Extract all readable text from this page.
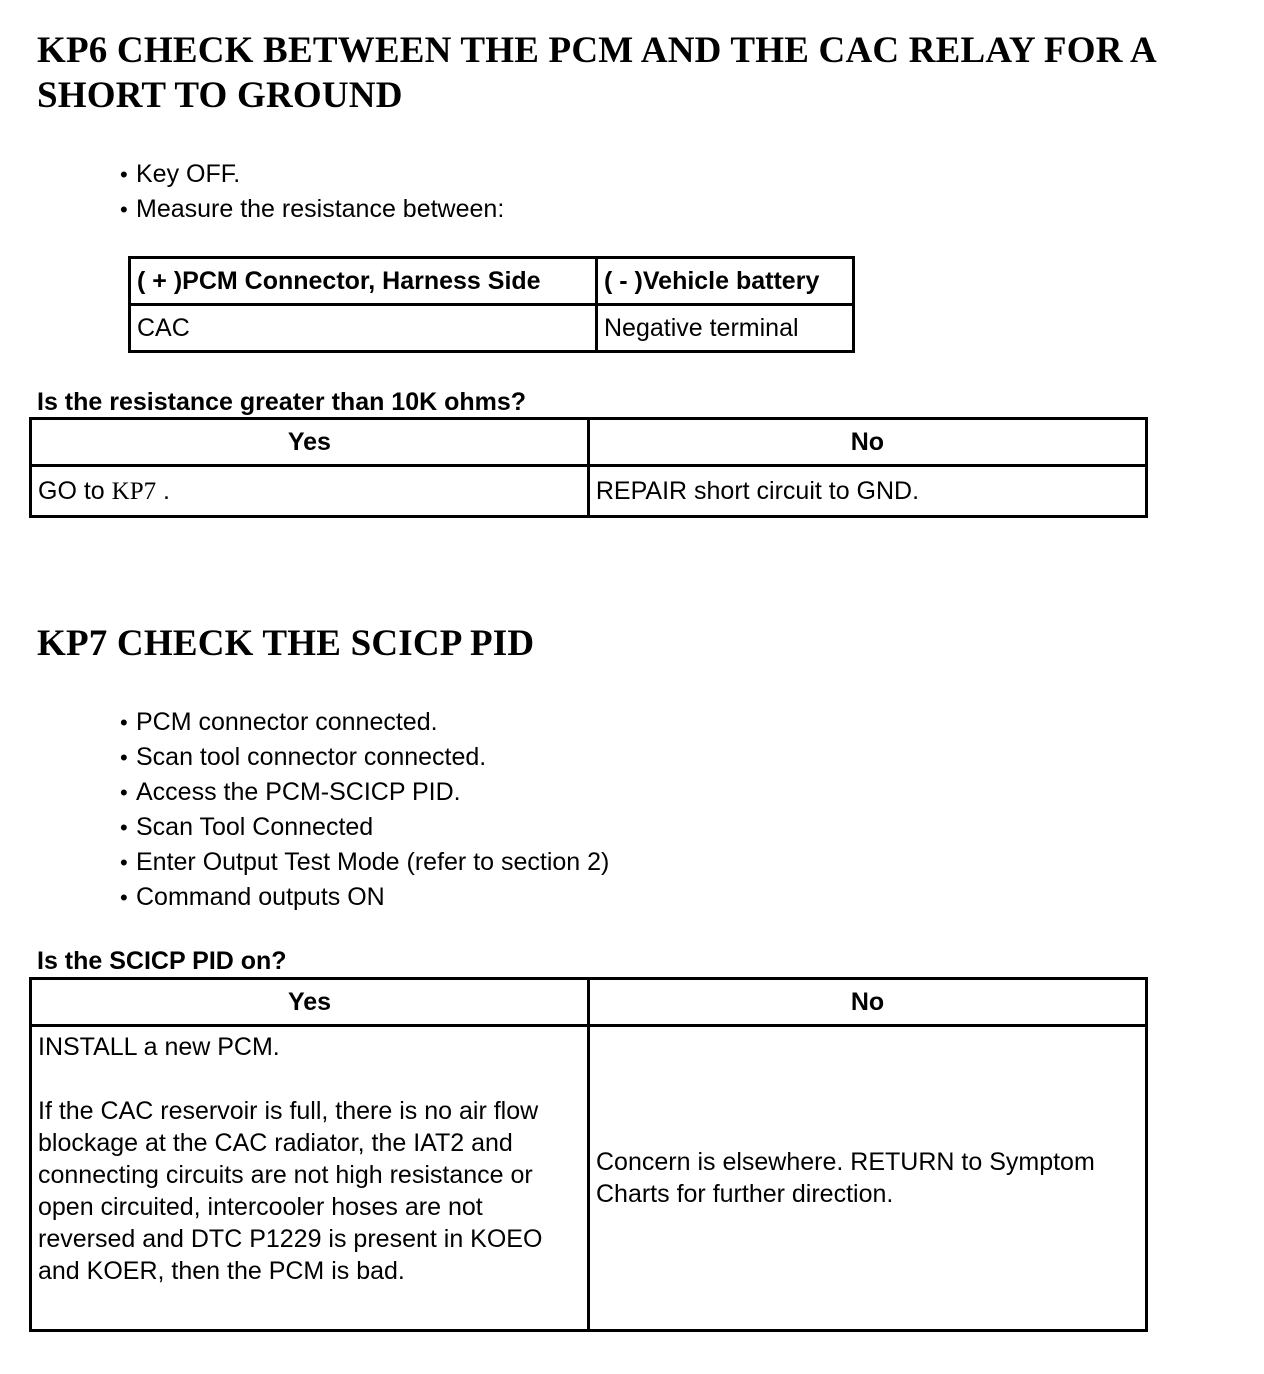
KP6 CHECK BETWEEN THE PCM AND THE CAC RELAY FOR A SHORT TO GROUND
• Key OFF.
• Measure the resistance between:
( + )PCM Connector, Harness Side	( - )Vehicle battery
CAC	Negative terminal

Is the resistance greater than 10K ohms?

Yes	No
GO to KP7 .	REPAIR short circuit to GND.
KP7 CHECK THE SCICP PID
• PCM connector connected.
• Scan tool connector connected.
• Access the PCM-SCICP PID.
• Scan Tool Connected
• Enter Output Test Mode (refer to section 2)
• Command outputs ON

Is the SCICP PID on?

Yes	No

INSTALL a new PCM.

If the CAC reservoir is full, there is no air flow blockage at the CAC radiator, the IAT2 and connecting circuits are not high resistance or open circuited, intercooler hoses are not reversed and DTC P1229 is present in KOEO and KOER, then the PCM is bad.	Concern is elsewhere. RETURN to Symptom Charts for further direction.
